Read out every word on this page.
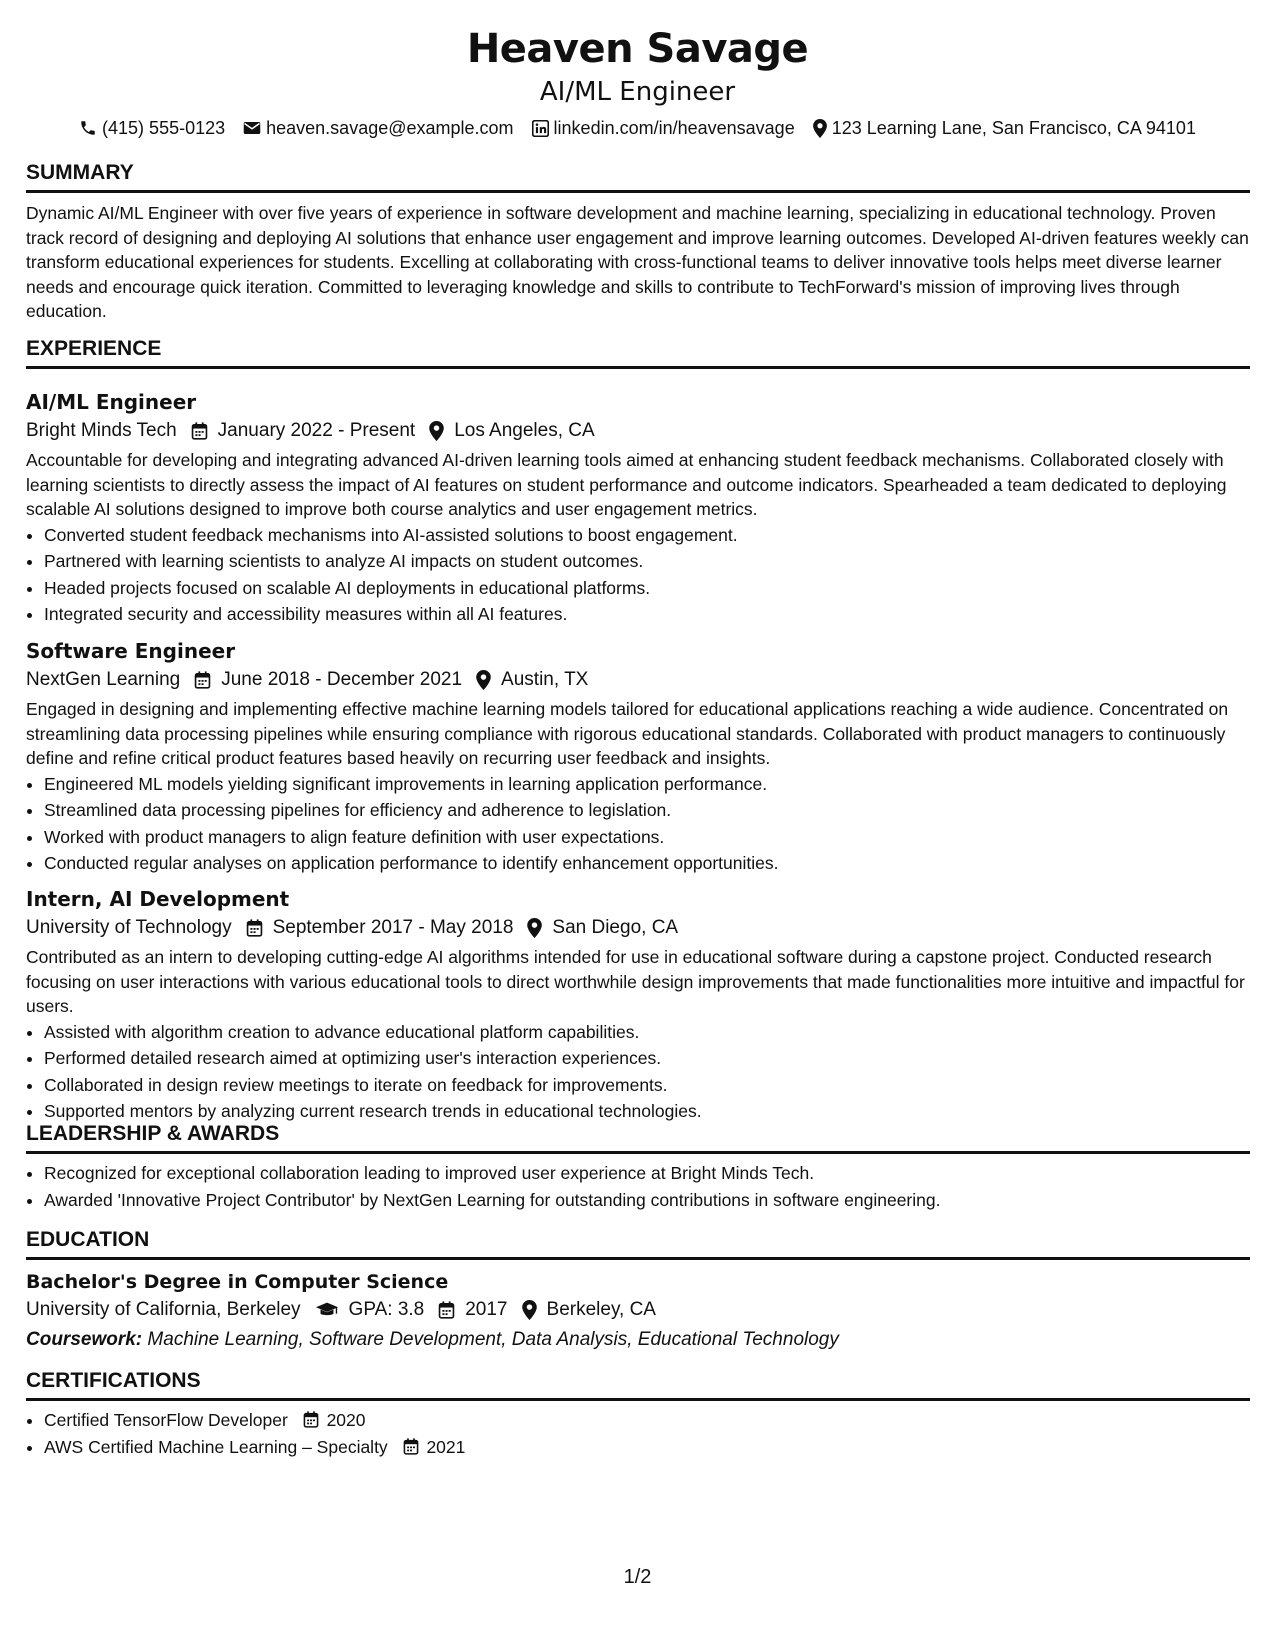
Heaven Savage
AI/ML Engineer
(415) 555-0123 heaven.savage@example.com linkedin.com/in/heavensavage 123 Learning Lane, San Francisco, CA 94101
SUMMARY

Dynamic AI/ML Engineer with over five years of experience in software development and machine learning, specializing in educational technology. Proven track record of designing and deploying AI solutions that enhance user engagement and improve learning outcomes. Developed AI-driven features weekly can transform educational experiences for students. Excelling at collaborating with cross-functional teams to deliver innovative tools helps meet diverse learner needs and encourage quick iteration. Committed to leveraging knowledge and skills to contribute to TechForward's mission of improving lives through education.

EXPERIENCE
AI/ML Engineer
Bright Minds Tech January 2022 - Present Los Angeles, CA

Accountable for developing and integrating advanced AI-driven learning tools aimed at enhancing student feedback mechanisms. Collaborated closely with learning scientists to directly assess the impact of AI features on student performance and outcome indicators. Spearheaded a team dedicated to deploying scalable AI solutions designed to improve both course analytics and user engagement metrics.

• Converted student feedback mechanisms into AI-assisted solutions to boost engagement.
• Partnered with learning scientists to analyze AI impacts on student outcomes.
• Headed projects focused on scalable AI deployments in educational platforms.
• Integrated security and accessibility measures within all AI features.
Software Engineer
NextGen Learning June 2018 - December 2021 Austin, TX

Engaged in designing and implementing effective machine learning models tailored for educational applications reaching a wide audience. Concentrated on streamlining data processing pipelines while ensuring compliance with rigorous educational standards. Collaborated with product managers to continuously define and refine critical product features based heavily on recurring user feedback and insights.

• Engineered ML models yielding significant improvements in learning application performance.
• Streamlined data processing pipelines for efficiency and adherence to legislation.
• Worked with product managers to align feature definition with user expectations.
• Conducted regular analyses on application performance to identify enhancement opportunities.
Intern, AI Development
University of Technology September 2017 - May 2018 San Diego, CA

Contributed as an intern to developing cutting-edge AI algorithms intended for use in educational software during a capstone project. Conducted research focusing on user interactions with various educational tools to direct worthwhile design improvements that made functionalities more intuitive and impactful for users.

• Assisted with algorithm creation to advance educational platform capabilities.
• Performed detailed research aimed at optimizing user's interaction experiences.
• Collaborated in design review meetings to iterate on feedback for improvements.
• Supported mentors by analyzing current research trends in educational technologies.
LEADERSHIP & AWARDS
• Recognized for exceptional collaboration leading to improved user experience at Bright Minds Tech.
• Awarded 'Innovative Project Contributor' by NextGen Learning for outstanding contributions in software engineering.
EDUCATION
Bachelor's Degree in Computer Science
University of California, Berkeley	GPA: 3.8 2017 Berkeley, CA
Coursework: Machine Learning, Software Development, Data Analysis, Educational Technology
CERTIFICATIONS
• Certified TensorFlow Developer 2020
• AWS Certified Machine Learning – Specialty 2021
1/2
